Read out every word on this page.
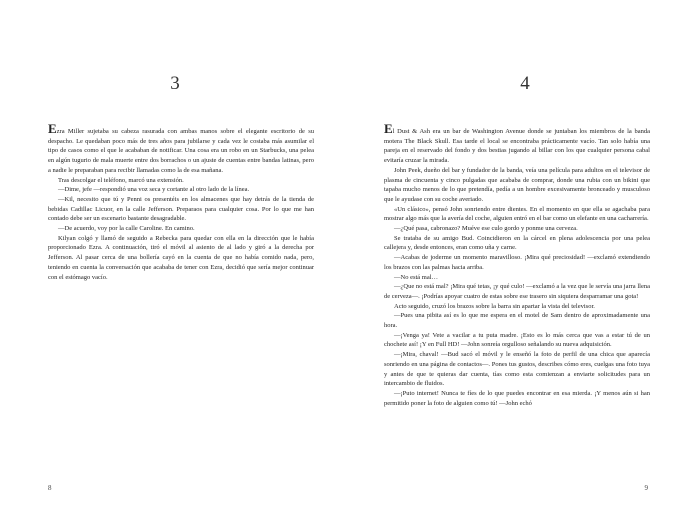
3

Ezra Miller sujetaba su cabeza rasurada con ambas manos sobre el elegante escritorio de su despacho. Le quedaban poco más de tres años para jubilarse y cada vez le costaba más asumilar el tipo de casos como el que le acababan de notificar. Una cosa era un robo en un Starbucks, una pelea en algún tugurio de mala muerte entre dos borrachos o un ajuste de cuentas entre bandas latinas, pero a nadie le preparaban para recibir llamadas como la de esa mañana.

Tras descolgar el teléfono, marcó una extensión.

—Dime, jefe —respondió una voz seca y cortante al otro lado de la línea.

—Kil, necesito que tú y Penni os presentéis en los almacenes que hay detrás de la tienda de bebidas Cadillac Licuor, en la calle Jefferson. Preparaos para cualquier cosa. Por lo que me han contado debe ser un escenario bastante desagradable.

—De acuerdo, voy por la calle Caroline. En camino.

Kilyan colgó y llamó de seguido a Rebecka para quedar con ella en la dirección que le había proporcionado Ezra. A continuación, tiró el móvil al asiento de al lado y giró a la derecha por Jefferson. Al pasar cerca de una bollería cayó en la cuenta de que no había comido nada, pero, teniendo en cuenta la conversación que acababa de tener con Ezra, decidió que sería mejor continuar con el estómago vacío.

8
4

El Dust & Ash era un bar de Washington Avenue donde se juntaban los miembros de la banda motera The Black Skull. Esa tarde el local se encontraba prácticamente vacío. Tan solo había una pareja en el reservado del fondo y dos bestias jugando al billar con los que cualquier persona cabal evitaría cruzar la mirada.

John Peek, dueño del bar y fundador de la banda, veía una película para adultos en el televisor de plasma de cincuenta y cinco pulgadas que acababa de comprar, donde una rubia con un bikini que tapaba mucho menos de lo que pretendía, pedía a un hombre excesivamente bronceado y musculoso que le ayudase con su coche averiado.

«Un clásico», pensó John sonriendo entre dientes. En el momento en que ella se agachaba para mostrar algo más que la avería del coche, alguien entró en el bar como un elefante en una cacharrería.

—¿Qué pasa, cabronazo? Muéve ese culo gordo y ponme una cerveza.

Se trataba de su amigo Bud. Coincidieron en la cárcel en plena adolescencia por una pelea callejera y, desde entonces, eran como uña y carne.

—Acabas de joderme un momento maravilloso. ¡Mira qué preciosidad! —exclamó extendiendo los brazos con las palmas hacia arriba.

—No está mal…

—¿Que no está mal? ¡Mira qué tetas, ¡y qué culo! —exclamó a la vez que le servía una jarra llena de cerveza—. ¡Podrías apoyar cuatro de estas sobre ese trasero sin siquiera desparramar una gota!

Acto seguido, cruzó los brazos sobre la barra sin apartar la vista del televisor.

—Pues una pibita así es lo que me espera en el motel de Sam dentro de aproximadamente una hora.

—¡Venga ya! Vete a vacilar a tu puta madre. ¡Esto es lo más cerca que vas a estar tú de un chochete así! ¡Y en Full HD! —John sonreía orgulloso señalando su nueva adquisición.

—¡Mira, chaval! —Bud sacó el móvil y le enseñó la foto de perfil de una chica que aparecía sonriendo en una página de contactos—. Pones tus gustos, describes cómo eres, cuelgas una foto tuya y antes de que te quieras dar cuenta, tías como esta comienzan a enviarte solicitudes para un intercambio de fluidos.

—¡Puto internet! Nunca te fíes de lo que puedes encontrar en esa mierda. ¡Y menos aún si han permitido poner la foto de alguien como tú! —John echó

9
